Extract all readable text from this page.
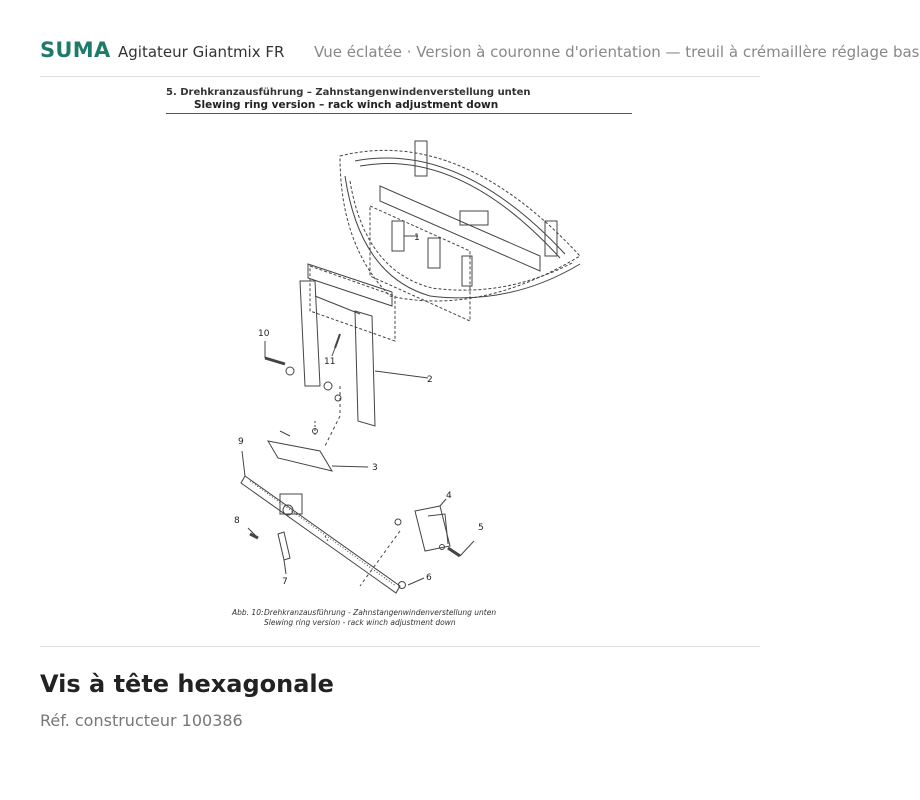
SUMA Agitateur Giantmix FR Vue éclatée · Version à couronne d'orientation — treuil à crémaillère réglage bas
1
2
3
4
5
6
7
8
9
10
11
5. Drehkranzausführung – Zahnstangenwindenverstellung unten
Slewing ring version – rack winch adjustment down
Abb. 10:Drehkranzausführung - Zahnstangenwindenverstellung unten
Slewing ring version - rack winch adjustment down
Vis à tête hexagonale
Réf. constructeur 100386
